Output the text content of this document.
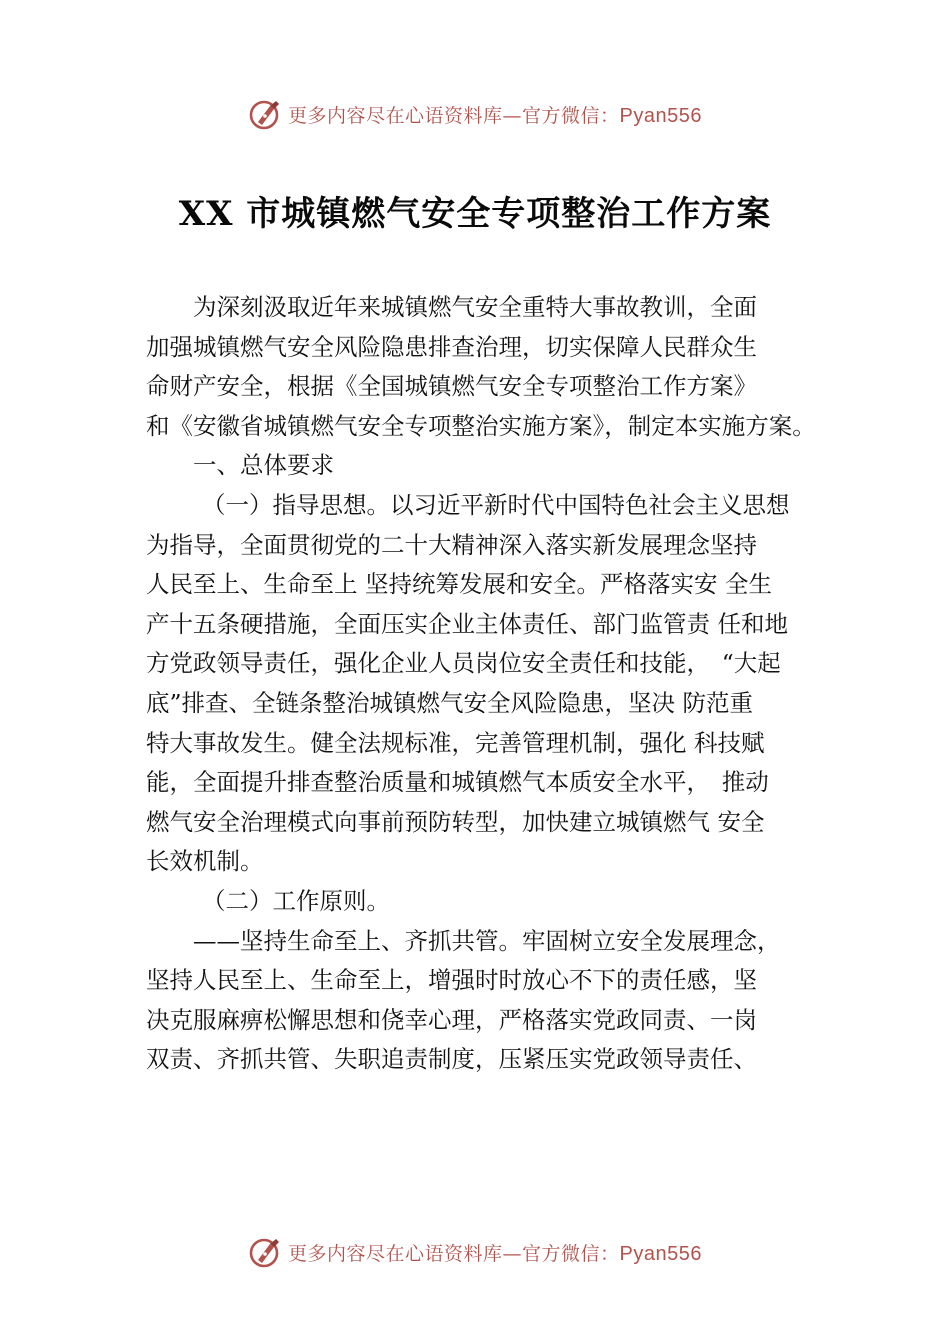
更多内容尽在心语资料库—官方微信：Pyan556
XX 市城镇燃气安全专项整治工作方案

为深刻汲取近年来城镇燃气安全重特大事故教训，全面
加强城镇燃气安全风险隐患排查治理，切实保障人民群众生
命财产安全，根据《全国城镇燃气安全专项整治工作方案》
和《安徽省城镇燃气安全专项整治实施方案》，制定本实施方案。

一、总体要求

（一）指导思想。以习近平新时代中国特色社会主义思想
为指导，全面贯彻党的二十大精神深入落实新发展理念坚持
人民至上、生命至上 坚持统筹发展和安全。严格落实安 全生
产十五条硬措施，全面压实企业主体责任、部门监管责 任和地
方党政领导责任，强化企业人员岗位安全责任和技能，　“大起
底”排查、全链条整治城镇燃气安全风险隐患，坚决 防范重
特大事故发生。健全法规标准，完善管理机制，强化 科技赋
能，全面提升排查整治质量和城镇燃气本质安全水平，　推动
燃气安全治理模式向事前预防转型，加快建立城镇燃气 安全
长效机制。

（二）工作原则。

——坚持生命至上、齐抓共管。牢固树立安全发展理念，
坚持人民至上、生命至上，增强时时放心不下的责任感，坚
决克服麻痹松懈思想和侥幸心理，严格落实党政同责、一岗
双责、齐抓共管、失职追责制度，压紧压实党政领导责任、

更多内容尽在心语资料库—官方微信：Pyan556
